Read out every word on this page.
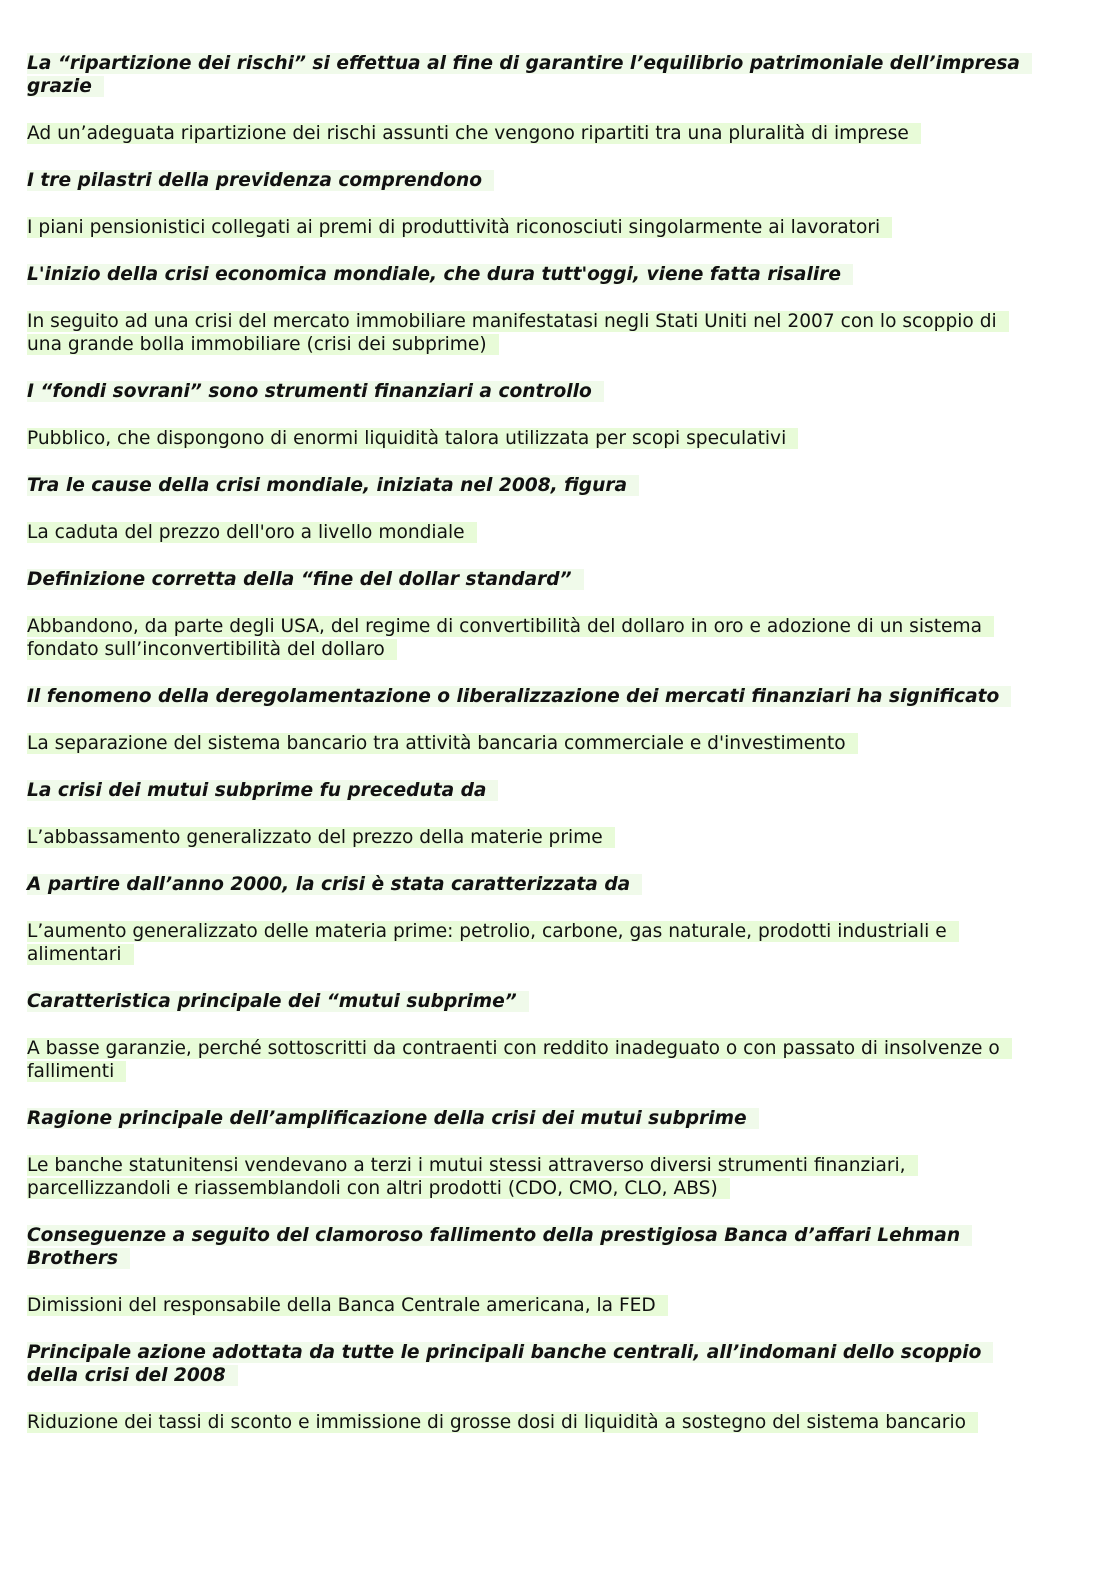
La “ripartizione dei rischi” si effettua al fine di garantire l’equilibrio patrimoniale dell’impresa grazie

Ad un’adeguata ripartizione dei rischi assunti che vengono ripartiti tra una pluralità di imprese

I tre pilastri della previdenza comprendono

I piani pensionistici collegati ai premi di produttività riconosciuti singolarmente ai lavoratori

L'inizio della crisi economica mondiale, che dura tutt'oggi, viene fatta risalire

In seguito ad una crisi del mercato immobiliare manifestatasi negli Stati Uniti nel 2007 con lo scoppio di una grande bolla immobiliare (crisi dei subprime)

I “fondi sovrani” sono strumenti finanziari a controllo

Pubblico, che dispongono di enormi liquidità talora utilizzata per scopi speculativi

Tra le cause della crisi mondiale, iniziata nel 2008, figura

La caduta del prezzo dell'oro a livello mondiale

Definizione corretta della “fine del dollar standard”

Abbandono, da parte degli USA, del regime di convertibilità del dollaro in oro e adozione di un sistema fondato sull’inconvertibilità del dollaro

Il fenomeno della deregolamentazione o liberalizzazione dei mercati finanziari ha significato

La separazione del sistema bancario tra attività bancaria commerciale e d'investimento

La crisi dei mutui subprime fu preceduta da

L’abbassamento generalizzato del prezzo della materie prime

A partire dall’anno 2000, la crisi è stata caratterizzata da

L’aumento generalizzato delle materia prime: petrolio, carbone, gas naturale, prodotti industriali e alimentari

Caratteristica principale dei “mutui subprime”

A basse garanzie, perché sottoscritti da contraenti con reddito inadeguato o con passato di insolvenze o fallimenti

Ragione principale dell’amplificazione della crisi dei mutui subprime

Le banche statunitensi vendevano a terzi i mutui stessi attraverso diversi strumenti finanziari, parcellizzandoli e riassemblandoli con altri prodotti (CDO, CMO, CLO, ABS)

Conseguenze a seguito del clamoroso fallimento della prestigiosa Banca d’affari Lehman Brothers

Dimissioni del responsabile della Banca Centrale americana, la FED

Principale azione adottata da tutte le principali banche centrali, all’indomani dello scoppio della crisi del 2008

Riduzione dei tassi di sconto e immissione di grosse dosi di liquidità a sostegno del sistema bancario
